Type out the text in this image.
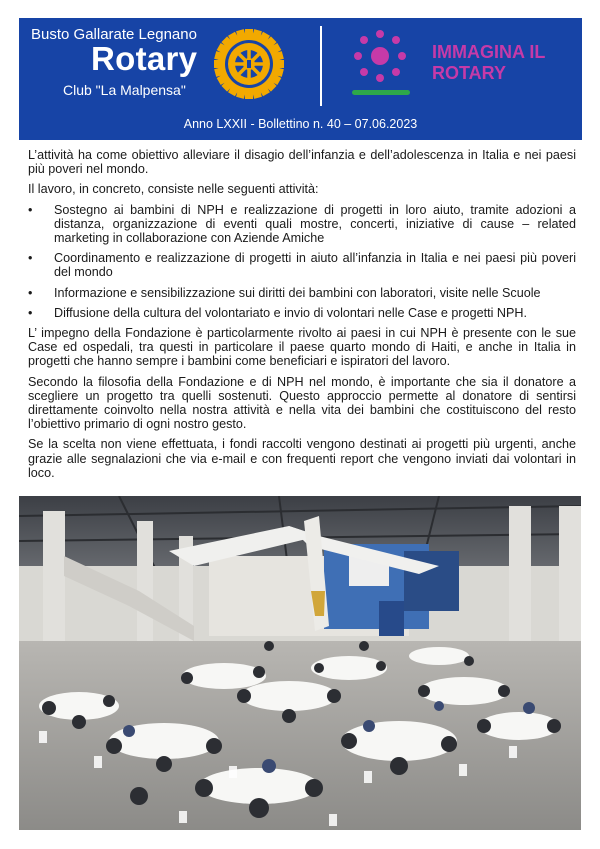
Busto Gallarate Legnano
Rotary
Club "La Malpensa"
IMMAGINA IL
ROTARY
Anno LXXII - Bollettino n. 40 – 07.06.2023

L’attività ha come obiettivo alleviare il disagio dell’infanzia e dell’adolescenza in Italia e nei paesi più poveri nel mondo.

Il lavoro, in concreto, consiste nelle seguenti attività:

• Sostegno ai bambini di NPH e realizzazione di progetti in loro aiuto, tramite adozioni a distanza, organizzazione di eventi quali mostre, concerti, iniziative di cause – related marketing in collaborazione con Aziende Amiche
• Coordinamento e realizzazione di progetti in aiuto all’infanzia in Italia e nei paesi più poveri del mondo
• Informazione e sensibilizzazione sui diritti dei bambini con laboratori, visite nelle Scuole
• Diffusione della cultura del volontariato e invio di volontari nelle Case e progetti NPH.

L’ impegno della Fondazione è particolarmente rivolto ai paesi in cui NPH è presente con le sue Case ed ospedali, tra questi in particolare il paese quarto mondo di Haiti, e anche in Italia in progetti che hanno sempre i bambini come beneficiari e ispiratori del lavoro.

Secondo la filosofia della Fondazione e di NPH nel mondo, è importante che sia il donatore a scegliere un progetto tra quelli sostenuti. Questo approccio permette al donatore di sentirsi direttamente coinvolto nella nostra attività e nella vita dei bambini che costituiscono del resto l’obiettivo primario di ogni nostro gesto.

Se la scelta non viene effettuata, i fondi raccolti vengono destinati ai progetti più urgenti, anche grazie alle segnalazioni che via e-mail e con frequenti report che vengono inviati dai volontari in loco.
